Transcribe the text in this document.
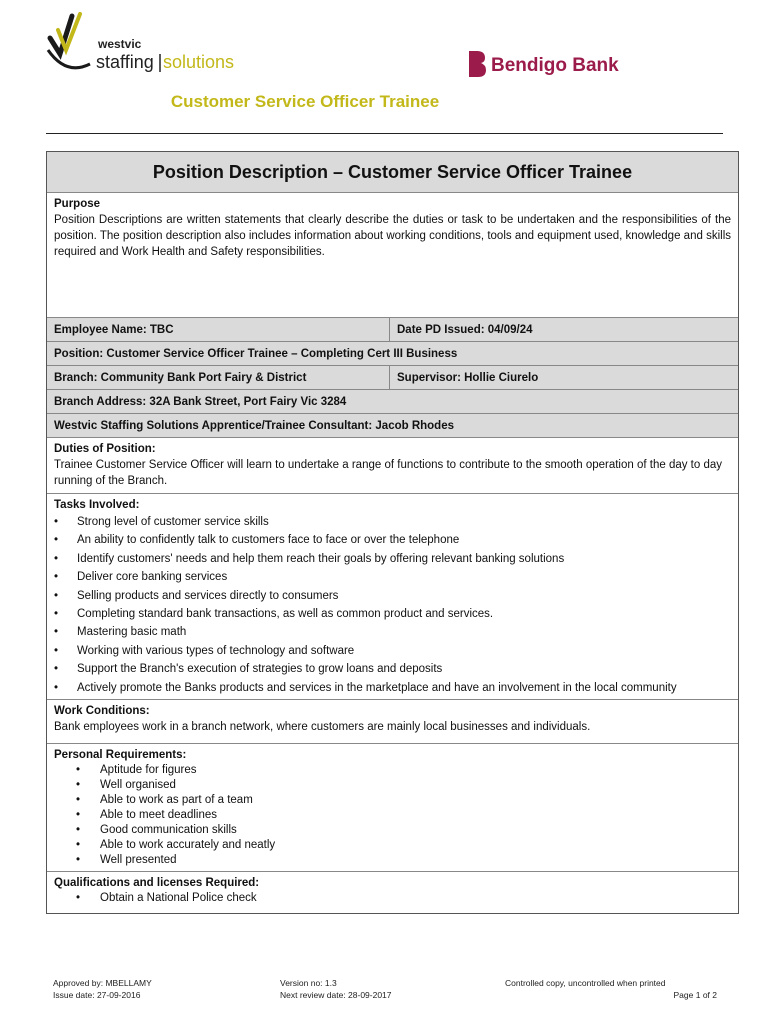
westvic
staffing solutions	Bendigo Bank
Customer Service Officer Trainee
Position Description – Customer Service Officer Trainee
Purpose
Position Descriptions are written statements that clearly describe the duties or task to be undertaken and the responsibilities of the position. The position description also includes information about working conditions, tools and equipment used, knowledge and skills required and Work Health and Safety responsibilities.
Employee Name: TBC	Date PD Issued: 04/09/24
Position: Customer Service Officer Trainee – Completing Cert III Business
Branch: Community Bank Port Fairy & District	Supervisor: Hollie Ciurelo
Branch Address: 32A Bank Street, Port Fairy Vic 3284
Westvic Staffing Solutions Apprentice/Trainee Consultant: Jacob Rhodes
Duties of Position:
Trainee Customer Service Officer will learn to undertake a range of functions to contribute to the smooth operation of the day to day running of the Branch.
Tasks Involved:
• Strong level of customer service skills
• An ability to confidently talk to customers face to face or over the telephone
• Identify customers' needs and help them reach their goals by offering relevant banking solutions
• Deliver core banking services
• Selling products and services directly to consumers
• Completing standard bank transactions, as well as common product and services.
• Mastering basic math
• Working with various types of technology and software
• Support the Branch's execution of strategies to grow loans and deposits
• Actively promote the Banks products and services in the marketplace and have an involvement in the local community
Work Conditions:
Bank employees work in a branch network, where customers are mainly local businesses and individuals.
Personal Requirements:
• Aptitude for figures
• Well organised
• Able to work as part of a team
• Able to meet deadlines
• Good communication skills
• Able to work accurately and neatly
• Well presented
Qualifications and licenses Required:
• Obtain a National Police check
Approved by: MBELLAMY
Issue date: 27-09-2016
Version no: 1.3
Next review date: 28-09-2017
Controlled copy, uncontrolled when printed
Page 1 of 2
